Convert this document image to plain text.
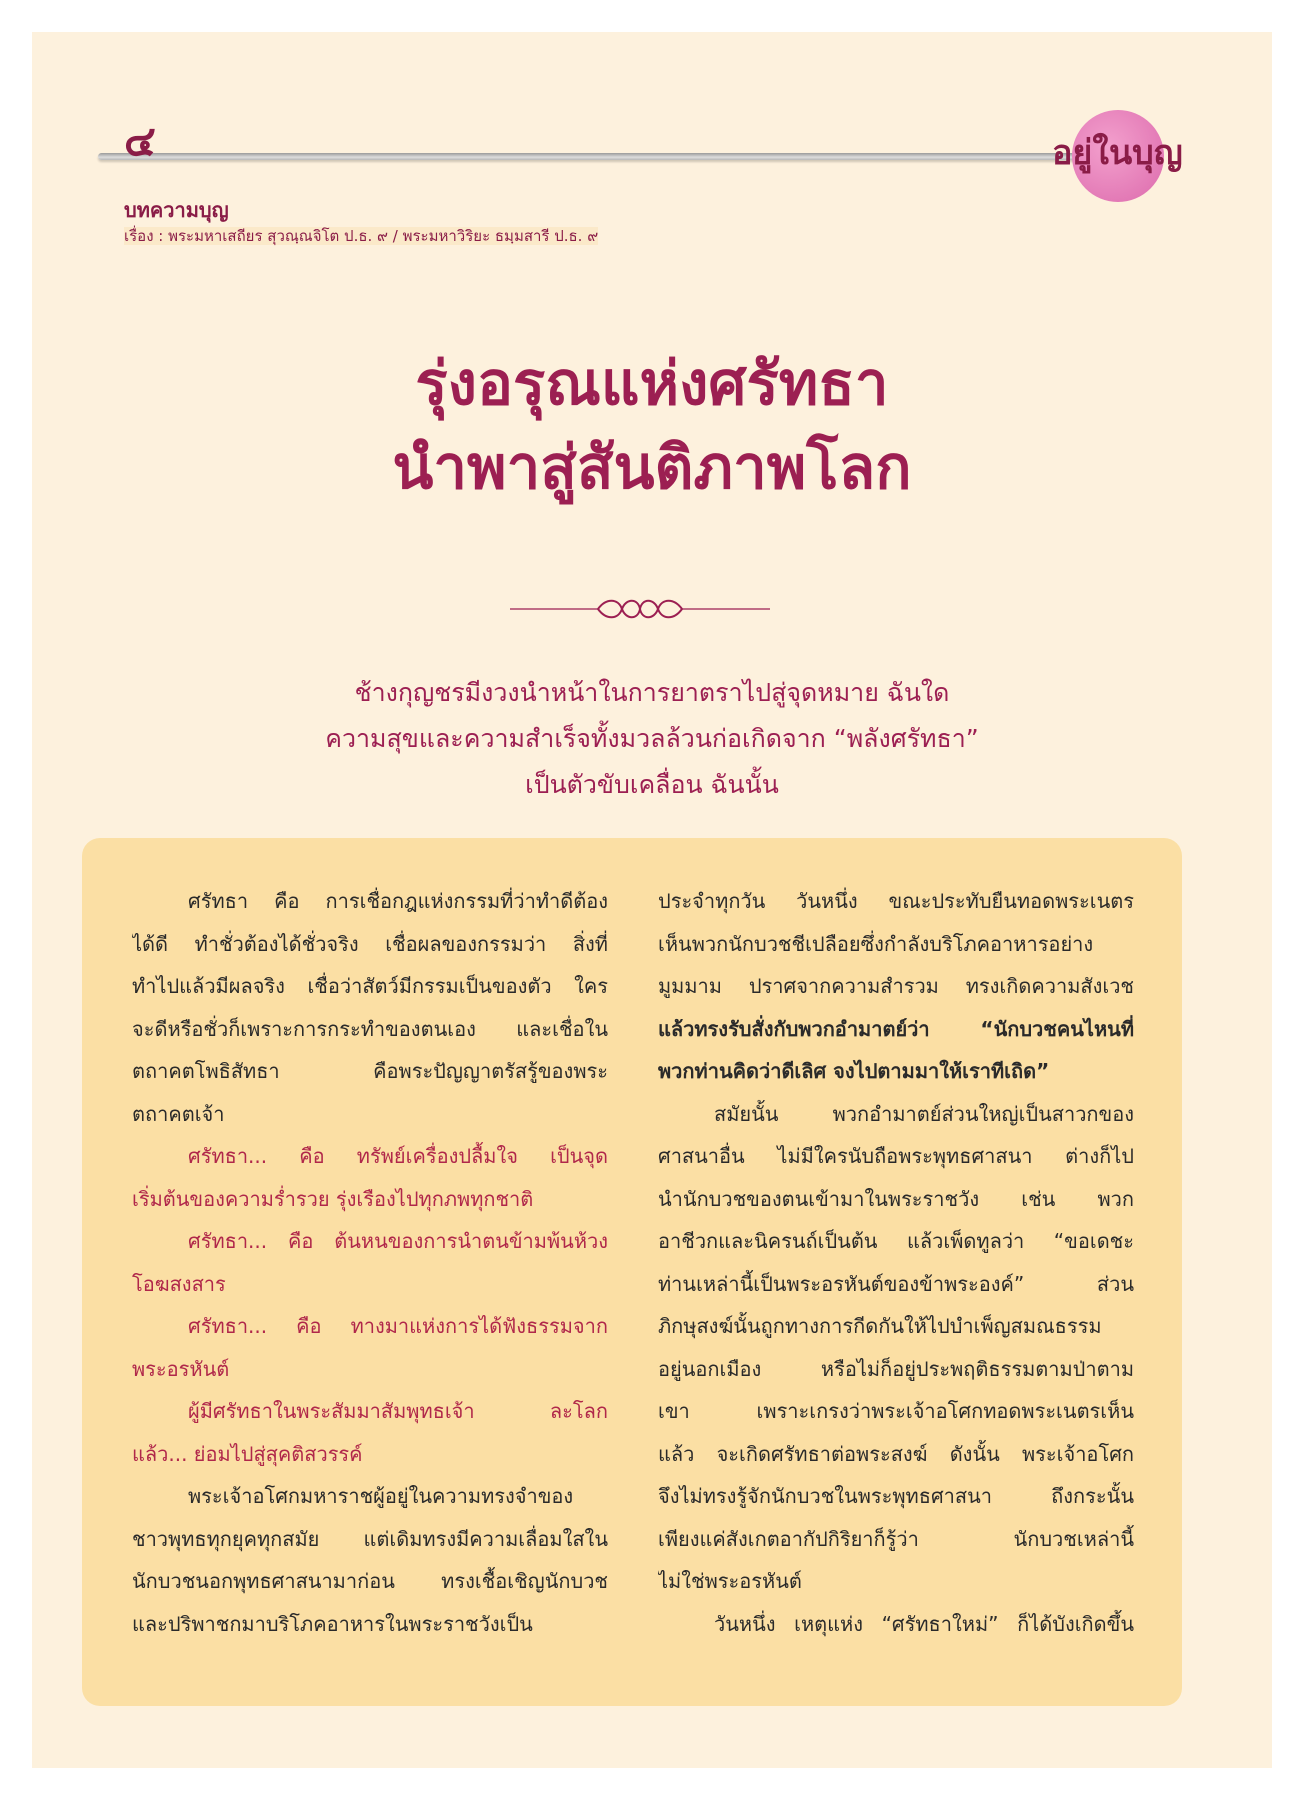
๔	อยู่ในบุญ
บทความบุญ
เรื่อง : พระมหาเสถียร สุวณฺณจิโต ป.ธ. ๙ / พระมหาวิริยะ ธมฺมสารี ป.ธ. ๙
รุ่งอรุณแห่งศรัทธา
นำพาสู่สันติภาพโลก
ช้างกุญชรมีงวงนำหน้าในการยาตราไปสู่จุดหมาย ฉันใด
ความสุขและความสำเร็จทั้งมวลล้วนก่อเกิดจาก “พลังศรัทธา”
เป็นตัวขับเคลื่อน ฉันนั้น
ศรัทธา คือ การเชื่อกฎแห่งกรรมที่ว่าทำดีต้อง
ได้ดี ทำชั่วต้องได้ชั่วจริง เชื่อผลของกรรมว่า สิ่งที่
ทำไปแล้วมีผลจริง เชื่อว่าสัตว์มีกรรมเป็นของตัว ใคร
จะดีหรือชั่วก็เพราะการกระทำของตนเอง และเชื่อใน
ตถาคตโพธิสัทธา คือพระปัญญาตรัสรู้ของพระ
ตถาคตเจ้า
ศรัทธา... คือ ทรัพย์เครื่องปลื้มใจ เป็นจุด
เริ่มต้นของความร่ำรวย รุ่งเรืองไปทุกภพทุกชาติ
ศรัทธา... คือ ต้นหนของการนำตนข้ามพ้นห้วง
โอฆสงสาร
ศรัทธา... คือ ทางมาแห่งการได้ฟังธรรมจาก
พระอรหันต์
ผู้มีศรัทธาในพระสัมมาสัมพุทธเจ้า ละโลก
แล้ว... ย่อมไปสู่สุคติสวรรค์
พระเจ้าอโศกมหาราชผู้อยู่ในความทรงจำของ
ชาวพุทธทุกยุคทุกสมัย แต่เดิมทรงมีความเลื่อมใสใน
นักบวชนอกพุทธศาสนามาก่อน ทรงเชื้อเชิญนักบวช
และปริพาชกมาบริโภคอาหารในพระราชวังเป็น
ประจำทุกวัน วันหนึ่ง ขณะประทับยืนทอดพระเนตร
เห็นพวกนักบวชชีเปลือยซึ่งกำลังบริโภคอาหารอย่าง
มูมมาม ปราศจากความสำรวม ทรงเกิดความสังเวช
แล้วทรงรับสั่งกับพวกอำมาตย์ว่า “นักบวชคนไหนที่
พวกท่านคิดว่าดีเลิศ จงไปตามมาให้เราทีเถิด”
สมัยนั้น พวกอำมาตย์ส่วนใหญ่เป็นสาวกของ
ศาสนาอื่น ไม่มีใครนับถือพระพุทธศาสนา ต่างก็ไป
นำนักบวชของตนเข้ามาในพระราชวัง เช่น พวก
อาชีวกและนิครนถ์เป็นต้น แล้วเพ็ดทูลว่า “ขอเดชะ
ท่านเหล่านี้เป็นพระอรหันต์ของข้าพระองค์” ส่วน
ภิกษุสงฆ์นั้นถูกทางการกีดกันให้ไปบำเพ็ญสมณธรรม
อยู่นอกเมือง หรือไม่ก็อยู่ประพฤติธรรมตามป่าตาม
เขา เพราะเกรงว่าพระเจ้าอโศกทอดพระเนตรเห็น
แล้ว จะเกิดศรัทธาต่อพระสงฆ์ ดังนั้น พระเจ้าอโศก
จึงไม่ทรงรู้จักนักบวชในพระพุทธศาสนา ถึงกระนั้น
เพียงแค่สังเกตอากัปกิริยาก็รู้ว่า นักบวชเหล่านี้
ไม่ใช่พระอรหันต์
วันหนึ่ง เหตุแห่ง “ศรัทธาใหม่” ก็ได้บังเกิดขึ้น
